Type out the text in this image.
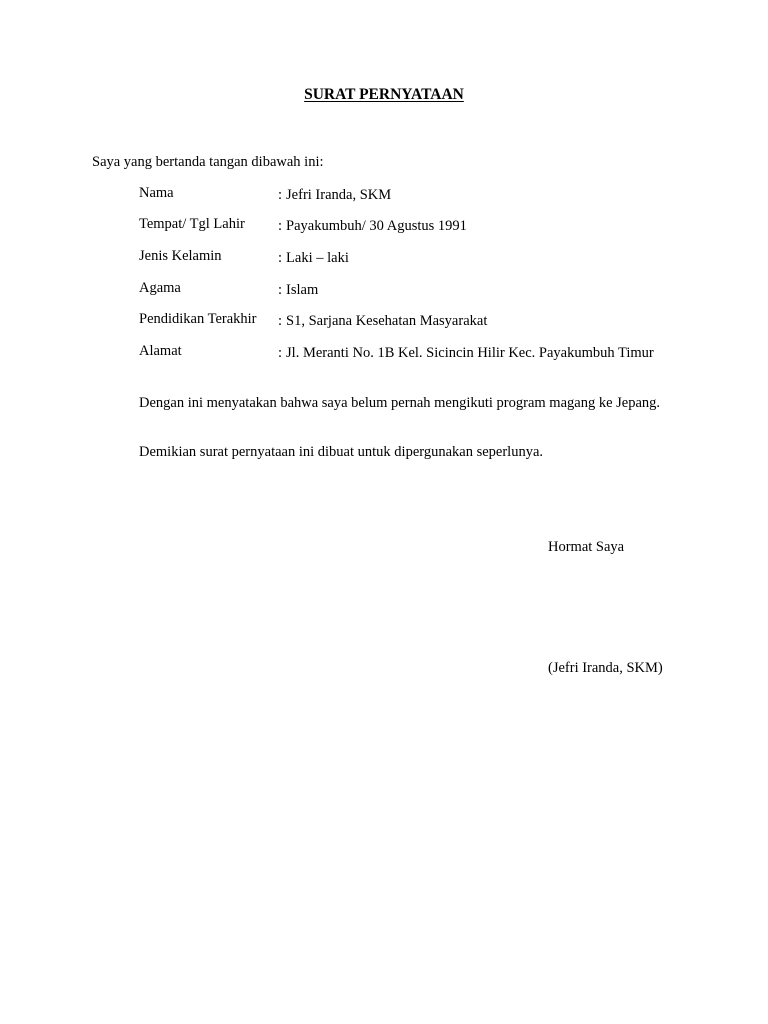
SURAT PERNYATAAN
Saya yang bertanda tangan dibawah ini:
Nama	: Jefri Iranda, SKM
Tempat/ Tgl Lahir : Payakumbuh/ 30 Agustus 1991
Jenis Kelamin	: Laki – laki
Agama	: Islam
Pendidikan Terakhir : S1, Sarjana Kesehatan Masyarakat
Alamat	: Jl. Meranti No. 1B Kel. Sicincin Hilir Kec. Payakumbuh Timur
Dengan ini menyatakan bahwa saya belum pernah mengikuti program magang ke Jepang.
Demikian surat pernyataan ini dibuat untuk dipergunakan seperlunya.
Hormat Saya
(Jefri Iranda, SKM)
